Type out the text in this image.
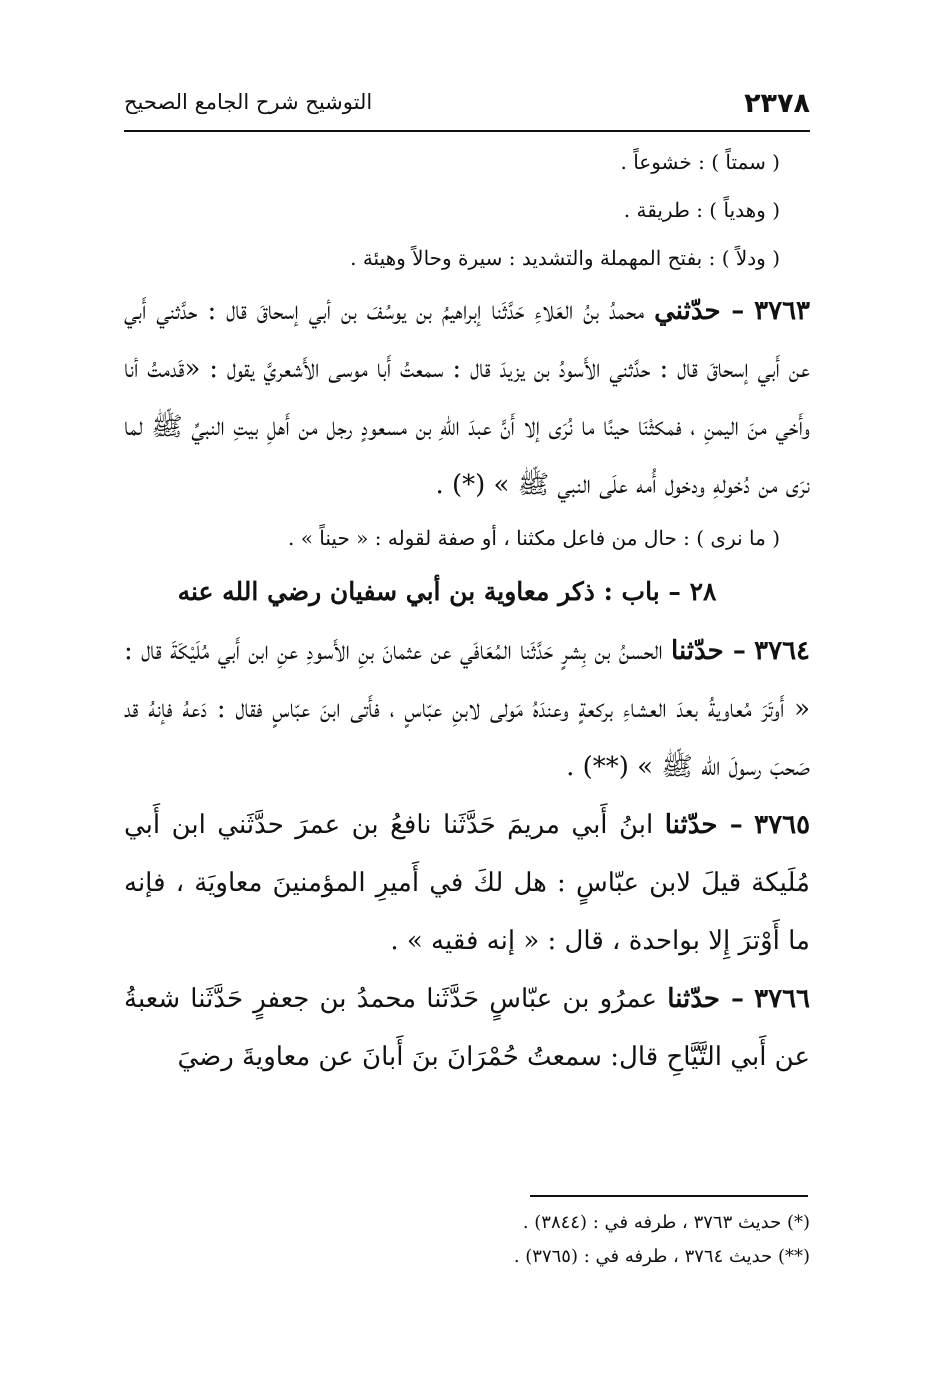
٢٣٧٨
التوشيح شرح الجامع الصحيح

( سمتاً ) : خشوعاً .

( وهدياً ) : طريقة .

( ودلاً ) : بفتح المهملة والتشديد : سيرة وحالاً وهيئة .

٣٧٦٣ – حدّثني محمدُ بنُ العَلاءِ حَدَّثَنا إبراهيمُ بن يوسُفَ بن أبي إسحاقَ قال : حدَّثني أَبي عن أَبي إسحاقَ قال : حدَّثني الأَسودُ بن يزيدَ قال : سمعتُ أَبا موسى الأَشعريَّ يقول : «قَدمتُ أنا وأَخي منَ اليمنِ ، فمكثْنَا حينًا ما نُرَى إلا أَنَّ عبدَ اللهِ بن مسعودٍ رجل من أَهلِ بيتِ النبيِّ ﷺ لما نرَى من دُخولهِ ودخول أُمه علَى النبي ﷺ » (*) .

( ما نرى ) : حال من فاعل مكثنا ، أو صفة لقوله : « حيناً » .

٢٨ – باب : ذكر معاوية بن أبي سفيان رضي الله عنه

٣٧٦٤ – حدّثنا الحسنُ بن بِشرٍ حَدَّثَنا المُعَافَي عن عثمانَ بنِ الأَسودِ عنِ ابن أَبي مُلَيْكَةَ قال : « أَوتَرَ مُعاويةُ بعدَ العشاءِ بركعةٍ وعندَهُ مَولى لابنِ عبّاسٍ ، فأَتى ابنَ عبّاسٍ فقال : دَعهُ فإنهُ قد صَحبَ رسولَ الله ﷺ » (**) .

٣٧٦٥ – حدّثنا ابنُ أَبي مريمَ حَدَّثَنا نافعُ بن عمرَ حدَّثَني ابن أَبي مُلَيكة قيلَ لابن عبّاسٍ : هل لكَ في أَميرِ المؤمنينَ معاويَة ، فإنه ما أَوْترَ إِلا بواحدة ، قال : « إنه فقيه » .

٣٧٦٦ – حدّثنا عمرُو بن عبّاسٍ حَدَّثَنا محمدُ بن جعفرٍ حَدَّثَنا شعبةُ عن أَبي التَّيَّاحِ قال: سمعتُ حُمْرَانَ بنَ أَبانَ عن معاويةَ رضيَ

(*) حديث ٣٧٦٣ ، طرفه في : (٣٨٤٤) .

(**) حديث ٣٧٦٤ ، طرفه في : (٣٧٦٥) .
